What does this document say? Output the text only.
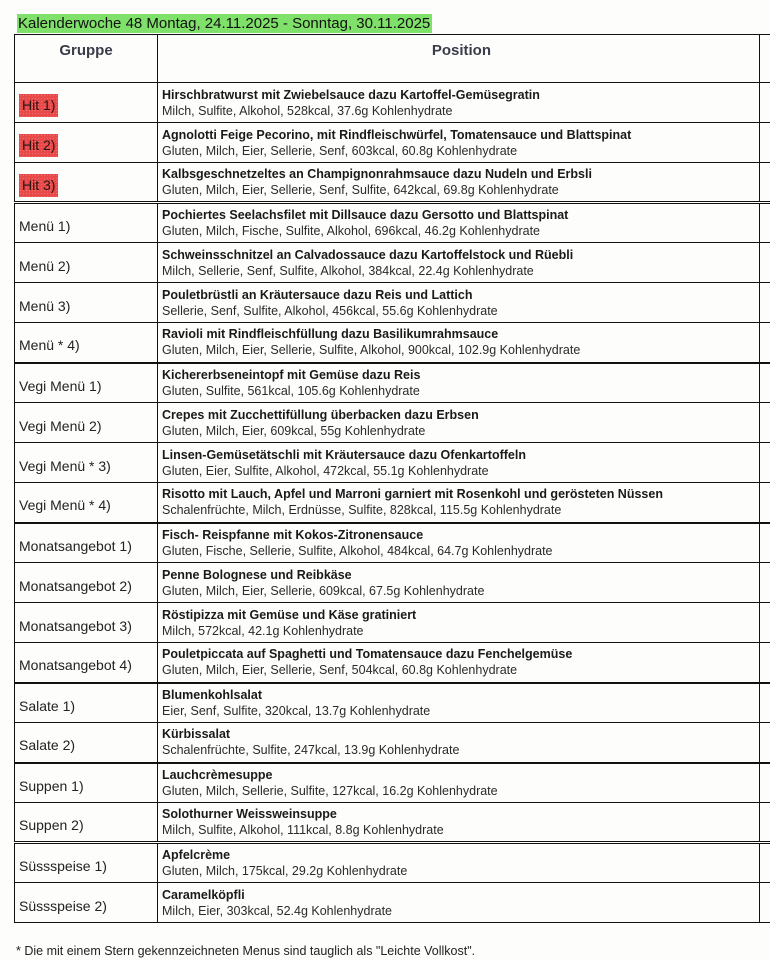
Kalenderwoche 48 Montag, 24.11.2025 - Sonntag, 30.11.2025
Gruppe	Position	
Hit 1)	Hirschbratwurst mit Zwiebelsauce dazu Kartoffel-Gemüsegratin
Milch, Sulfite, Alkohol, 528kcal, 37.6g Kohlenhydrate	

Hit 2)	Agnolotti Feige Pecorino, mit Rindfleischwürfel, Tomatensauce und Blattspinat
Gluten, Milch, Eier, Sellerie, Senf, 603kcal, 60.8g Kohlenhydrate	

Hit 3)	Kalbsgeschnetzeltes an Champignonrahmsauce dazu Nudeln und Erbsli
Gluten, Milch, Eier, Sellerie, Senf, Sulfite, 642kcal, 69.8g Kohlenhydrate	

Menü 1)	Pochiertes Seelachsfilet mit Dillsauce dazu Gersotto und Blattspinat
Gluten, Milch, Fische, Sulfite, Alkohol, 696kcal, 46.2g Kohlenhydrate	

Menü 2)	Schweinsschnitzel an Calvadossauce dazu Kartoffelstock und Rüebli
Milch, Sellerie, Senf, Sulfite, Alkohol, 384kcal, 22.4g Kohlenhydrate	

Menü 3)	Pouletbrüstli an Kräutersauce dazu Reis und Lattich
Sellerie, Senf, Sulfite, Alkohol, 456kcal, 55.6g Kohlenhydrate	

Menü * 4)	Ravioli mit Rindfleischfüllung dazu Basilikumrahmsauce
Gluten, Milch, Eier, Sellerie, Sulfite, Alkohol, 900kcal, 102.9g Kohlenhydrate	

Vegi Menü 1)	Kichererbseneintopf mit Gemüse dazu Reis
Gluten, Sulfite, 561kcal, 105.6g Kohlenhydrate	

Vegi Menü 2)	Crepes mit Zucchettifüllung überbacken dazu Erbsen
Gluten, Milch, Eier, 609kcal, 55g Kohlenhydrate	

Vegi Menü * 3)	Linsen-Gemüsetätschli mit Kräutersauce dazu Ofenkartoffeln
Gluten, Eier, Sulfite, Alkohol, 472kcal, 55.1g Kohlenhydrate	

Vegi Menü * 4)	Risotto mit Lauch, Apfel und Marroni garniert mit Rosenkohl und gerösteten Nüssen
Schalenfrüchte, Milch, Erdnüsse, Sulfite, 828kcal, 115.5g Kohlenhydrate	

Monatsangebot 1)	Fisch- Reispfanne mit Kokos-Zitronensauce
Gluten, Fische, Sellerie, Sulfite, Alkohol, 484kcal, 64.7g Kohlenhydrate	

Monatsangebot 2)	Penne Bolognese und Reibkäse
Gluten, Milch, Eier, Sellerie, 609kcal, 67.5g Kohlenhydrate	

Monatsangebot 3)	Röstipizza mit Gemüse und Käse gratiniert
Milch, 572kcal, 42.1g Kohlenhydrate	

Monatsangebot 4)	Pouletpiccata auf Spaghetti und Tomatensauce dazu Fenchelgemüse
Gluten, Milch, Eier, Sellerie, Senf, 504kcal, 60.8g Kohlenhydrate	

Salate 1)	Blumenkohlsalat
Eier, Senf, Sulfite, 320kcal, 13.7g Kohlenhydrate	

Salate 2)	Kürbissalat
Schalenfrüchte, Sulfite, 247kcal, 13.9g Kohlenhydrate	

Suppen 1)	Lauchcrèmesuppe
Gluten, Milch, Sellerie, Sulfite, 127kcal, 16.2g Kohlenhydrate	

Suppen 2)	Solothurner Weissweinsuppe
Milch, Sulfite, Alkohol, 111kcal, 8.8g Kohlenhydrate	

Süssspeise 1)	Apfelcrème
Gluten, Milch, 175kcal, 29.2g Kohlenhydrate	

Süssspeise 2)	Caramelköpfli
Milch, Eier, 303kcal, 52.4g Kohlenhydrate	

* Die mit einem Stern gekennzeichneten Menus sind tauglich als "Leichte Vollkost".
